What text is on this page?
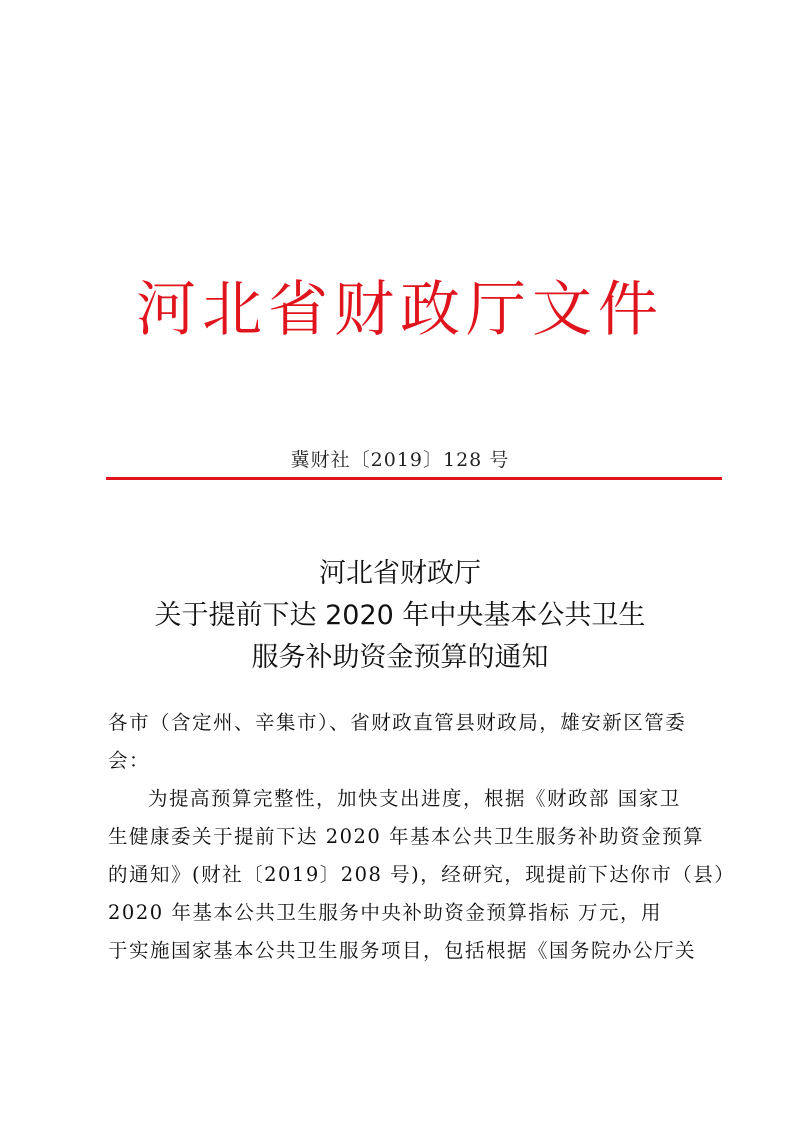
河北省财政厅文件
冀财社〔2019〕128 号
河北省财政厅
关于提前下达 2020 年中央基本公共卫生
服务补助资金预算的通知
各市（含定州、辛集市）、省财政直管县财政局，雄安新区管委
会：
为提高预算完整性，加快支出进度，根据《财政部 国家卫
生健康委关于提前下达 2020 年基本公共卫生服务补助资金预算
的通知》(财社〔2019〕208 号)，经研究，现提前下达你市（县）
2020 年基本公共卫生服务中央补助资金预算指标 万元，用
于实施国家基本公共卫生服务项目，包括根据《国务院办公厅关
